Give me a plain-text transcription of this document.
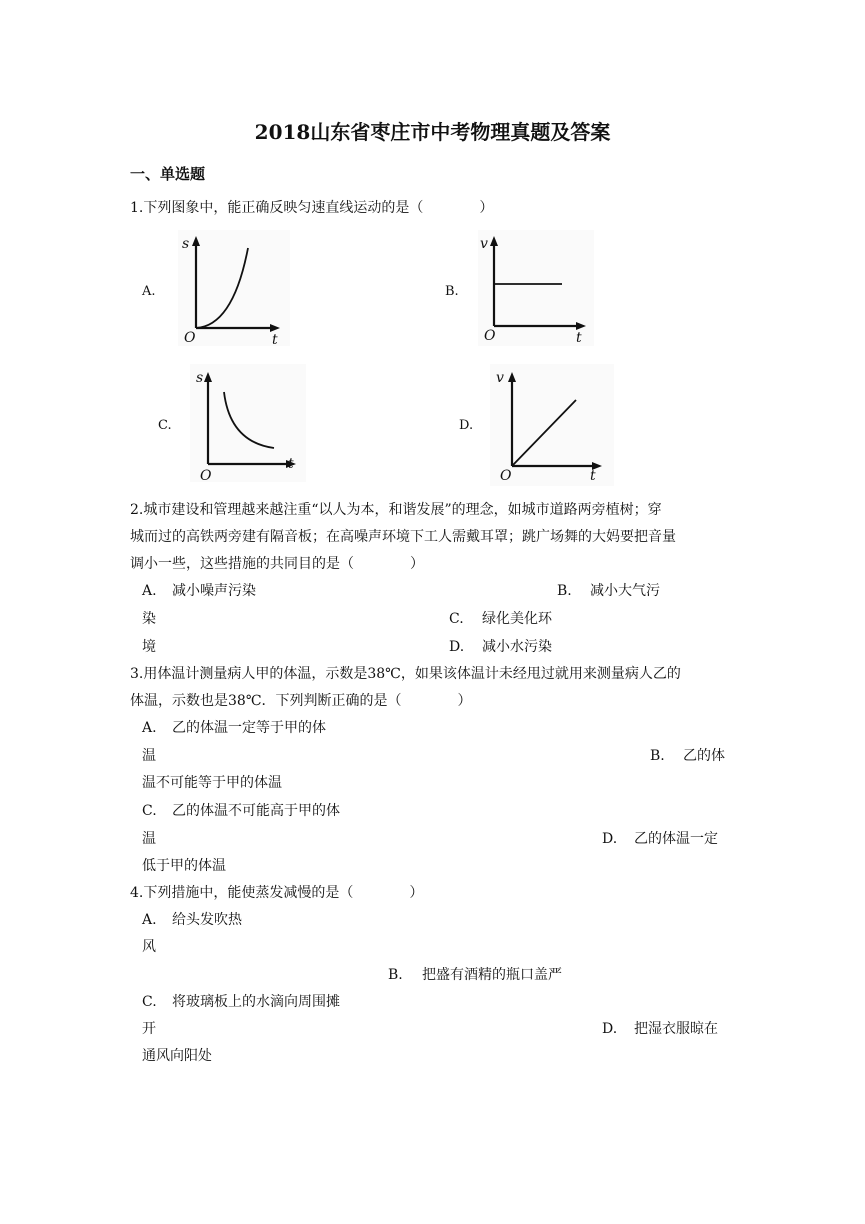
2018山东省枣庄市中考物理真题及答案
一、单选题
1.下列图象中，能正确反映匀速直线运动的是（　　　　）
A.
s
t
O
B.
v
t
O
C.
s
t
O
D.
v
t
O
2.城市建设和管理越来越注重“以人为本，和谐发展”的理念，如城市道路两旁植树；穿
城而过的高铁两旁建有隔音板；在高噪声环境下工人需戴耳罩；跳广场舞的大妈要把音量
调小一些，这些措施的共同目的是（　　　　）
A. 减小噪声污染	B. 减小大气污
染	C. 绿化美化环
境	D. 减小水污染
3.用体温计测量病人甲的体温，示数是38℃，如果该体温计未经甩过就用来测量病人乙的
体温，示数也是38℃．下列判断正确的是（　　　　）
A. 乙的体温一定等于甲的体
温	B. 乙的体
温不可能等于甲的体温
C. 乙的体温不可能高于甲的体
温	D. 乙的体温一定
低于甲的体温
4.下列措施中，能使蒸发减慢的是（　　　　）
A. 给头发吹热
风
B. 把盛有酒精的瓶口盖严
C. 将玻璃板上的水滴向周围摊
开	D. 把湿衣服晾在
通风向阳处
